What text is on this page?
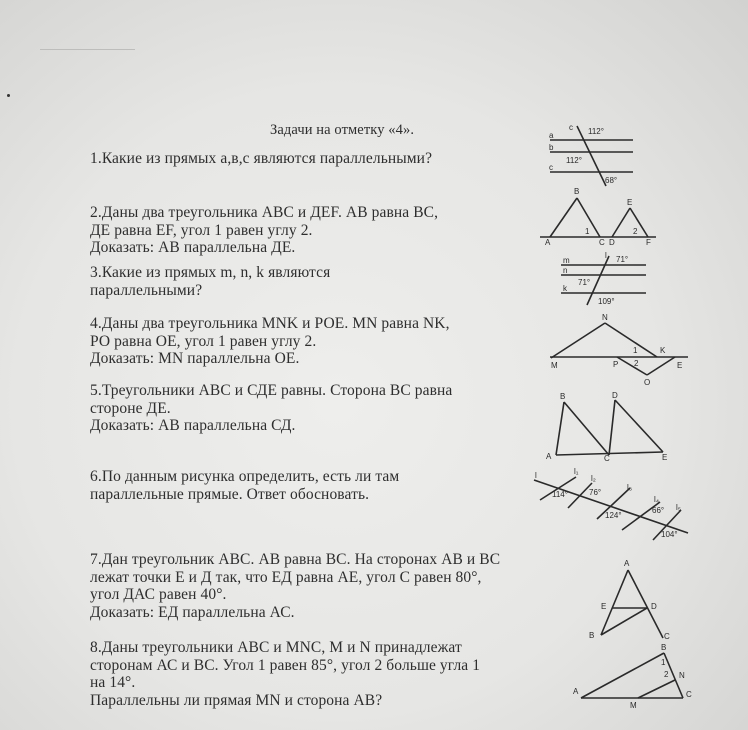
Задачи на отметку «4».
1.Какие из прямых а,в,с являются параллельными?
2.Даны два треугольника АВС и ДЕF. АВ равна ВС,
ДЕ равна ЕF, угол 1 равен углу 2.
Доказать: АВ параллельна ДЕ.
3.Какие из прямых m, n, k являются
параллельными?
4.Даны два треугольника MNK и РОЕ. MN равна NK,
РО равна ОЕ, угол 1 равен углу 2.
Доказать: MN параллельна ОЕ.
5.Треугольники АВС и СДЕ равны. Сторона ВС равна
стороне ДЕ.
Доказать: АВ параллельна СД.
6.По данным рисунка определить, есть ли там
параллельные прямые. Ответ обосновать.
7.Дан треугольник АВС. АВ равна ВС. На сторонах АВ и ВС
лежат точки Е и Д так, что ЕД равна АЕ, угол С равен 80°,
угол ДАС равен 40°.
Доказать: ЕД параллельна АС.
8.Даны треугольники АВС и MNC, М и N принадлежат
сторонам АС и ВС. Угол 1 равен 85°, угол 2 больше угла 1
на 14°.
Параллельны ли прямая MN и сторона АВ?
a
b
c
c 112°
112°
68°
A
B
C D
E
F
1	2
m
n
k
l 71°
71°
109°
N
M
K
P	E
O
1
2
A
B
C
D
E
l	l₁
l₂
l₃
l₄
l₅
114°	76°
124°
66°
104°
B
A
C
E	D
B
A	C
M
N
1
2
